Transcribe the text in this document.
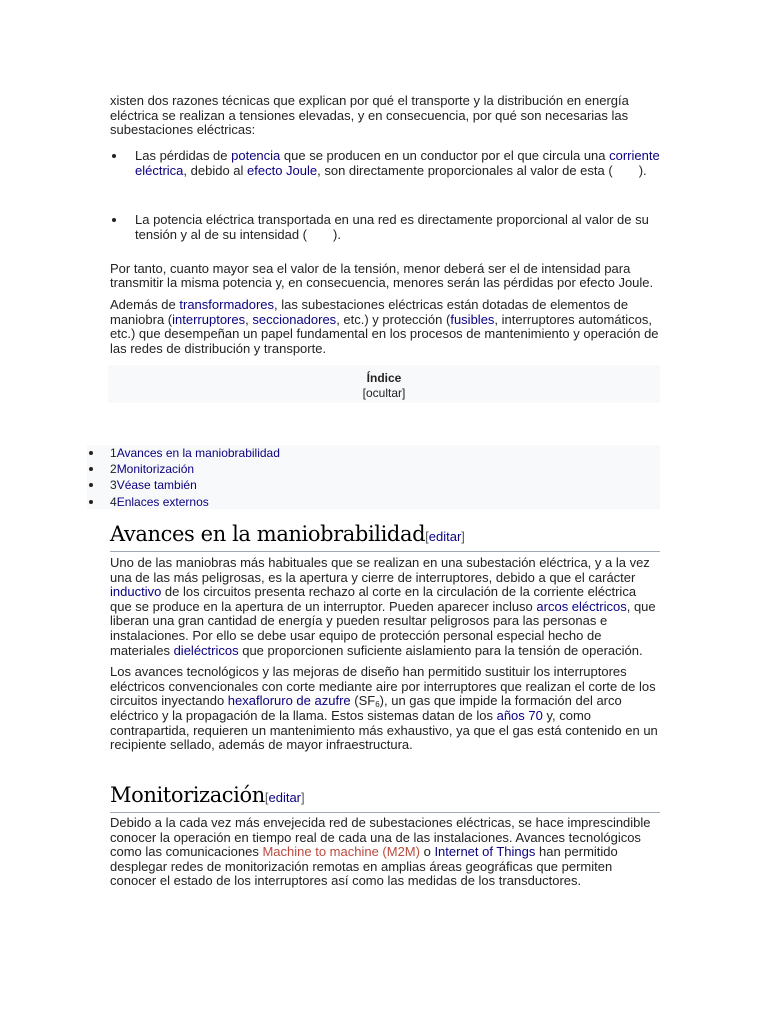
xisten dos razones técnicas que explican por qué el transporte y la distribución en energía eléctrica se realizan a tensiones elevadas, y en consecuencia, por qué son necesarias las subestaciones eléctricas:

Las pérdidas de potencia que se producen en un conductor por el que circula una corriente eléctrica, debido al efecto Joule, son directamente proporcionales al valor de esta ( ).
La potencia eléctrica transportada en una red es directamente proporcional al valor de su tensión y al de su intensidad ( ).

Por tanto, cuanto mayor sea el valor de la tensión, menor deberá ser el de intensidad para transmitir la misma potencia y, en consecuencia, menores serán las pérdidas por efecto Joule.

Además de transformadores, las subestaciones eléctricas están dotadas de elementos de maniobra (interruptores, seccionadores, etc.) y protección (fusibles, interruptores automáticos, etc.) que desempeñan un papel fundamental en los procesos de mantenimiento y operación de las redes de distribución y transporte.

Índice
[ocultar]
1Avances en la maniobrabilidad
2Monitorización
3Véase también
4Enlaces externos
Avances en la maniobrabilidad[editar]

Uno de las maniobras más habituales que se realizan en una subestación eléctrica, y a la vez una de las más peligrosas, es la apertura y cierre de interruptores, debido a que el carácter inductivo de los circuitos presenta rechazo al corte en la circulación de la corriente eléctrica que se produce en la apertura de un interruptor. Pueden aparecer incluso arcos eléctricos, que liberan una gran cantidad de energía y pueden resultar peligrosos para las personas e instalaciones. Por ello se debe usar equipo de protección personal especial hecho de materiales dieléctricos que proporcionen suficiente aislamiento para la tensión de operación.

Los avances tecnológicos y las mejoras de diseño han permitido sustituir los interruptores eléctricos convencionales con corte mediante aire por interruptores que realizan el corte de los circuitos inyectando hexafloruro de azufre $(SF_6)$, un gas que impide la formación del arco eléctrico y la propagación de la llama. Estos sistemas datan de los años 70 y, como contrapartida, requieren un mantenimiento más exhaustivo, ya que el gas está contenido en un recipiente sellado, además de mayor infraestructura.

Monitorización[editar]

Debido a la cada vez más envejecida red de subestaciones eléctricas, se hace imprescindible conocer la operación en tiempo real de cada una de las instalaciones. Avances tecnológicos como las comunicaciones Machine to machine (M2M) o Internet of Things han permitido desplegar redes de monitorización remotas en amplias áreas geográficas que permiten conocer el estado de los interruptores así como las medidas de los transductores.
